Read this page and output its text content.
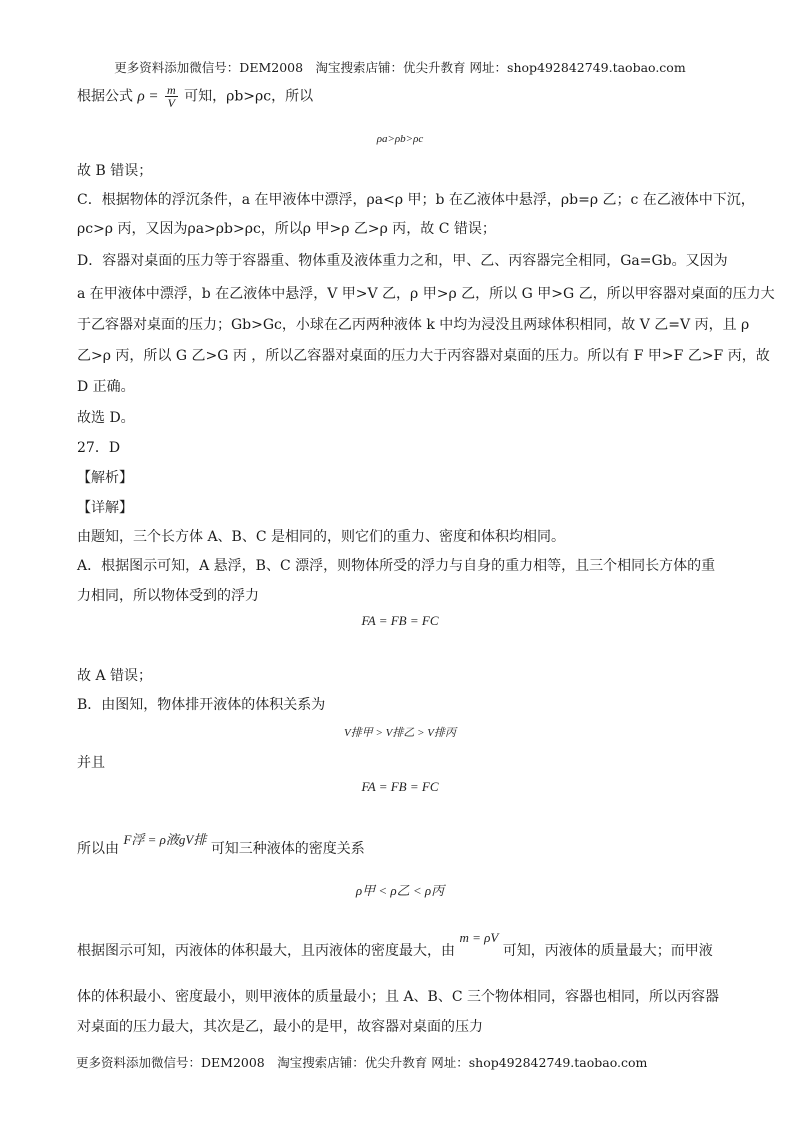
更多资料添加微信号：DEM2008　淘宝搜索店铺：优尖升教育 网址：shop492842749.taobao.com
根据公式 $\rho = \frac{m}{V}$ 可知，ρb>ρc，所以
ρa>ρb>ρc
故 B 错误；
C．根据物体的浮沉条件，a 在甲液体中漂浮，ρa<ρ 甲；b 在乙液体中悬浮，ρb=ρ 乙；c 在乙液体中下沉，
ρc>ρ 丙，又因为ρa>ρb>ρc，所以ρ 甲>ρ 乙>ρ 丙，故 C 错误；
D．容器对桌面的压力等于容器重、物体重及液体重力之和，甲、乙、丙容器完全相同，Ga=Gb。又因为
a 在甲液体中漂浮，b 在乙液体中悬浮，V 甲>V 乙，ρ 甲>ρ 乙，所以 G 甲>G 乙，所以甲容器对桌面的压力大
于乙容器对桌面的压力；Gb>Gc，小球在乙丙两种液体 k 中均为浸没且两球体积相同，故 V 乙=V 丙，且 ρ
乙>ρ 丙，所以 G 乙>G 丙 ，所以乙容器对桌面的压力大于丙容器对桌面的压力。所以有 F 甲>F 乙>F 丙，故
D 正确。
故选 D。
27．D
【解析】
【详解】
由题知，三个长方体 A、B、C 是相同的，则它们的重力、密度和体积均相同。
A．根据图示可知，A 悬浮，B、C 漂浮，则物体所受的浮力与自身的重力相等，且三个相同长方体的重
力相同，所以物体受到的浮力
FA = FB = FC
故 A 错误；
B．由图知，物体排开液体的体积关系为
V排甲 > V排乙 > V排丙
并且
FA = FB = FC
所以由 F浮 = ρ液gV排 可知三种液体的密度关系
ρ甲 < ρ乙 < ρ丙
根据图示可知，丙液体的体积最大，且丙液体的密度最大，由 m = ρV 可知，丙液体的质量最大；而甲液
体的体积最小、密度最小，则甲液体的质量最小；且 A、B、C 三个物体相同，容器也相同，所以丙容器
对桌面的压力最大，其次是乙，最小的是甲，故容器对桌面的压力
更多资料添加微信号：DEM2008　淘宝搜索店铺：优尖升教育 网址：shop492842749.taobao.com
